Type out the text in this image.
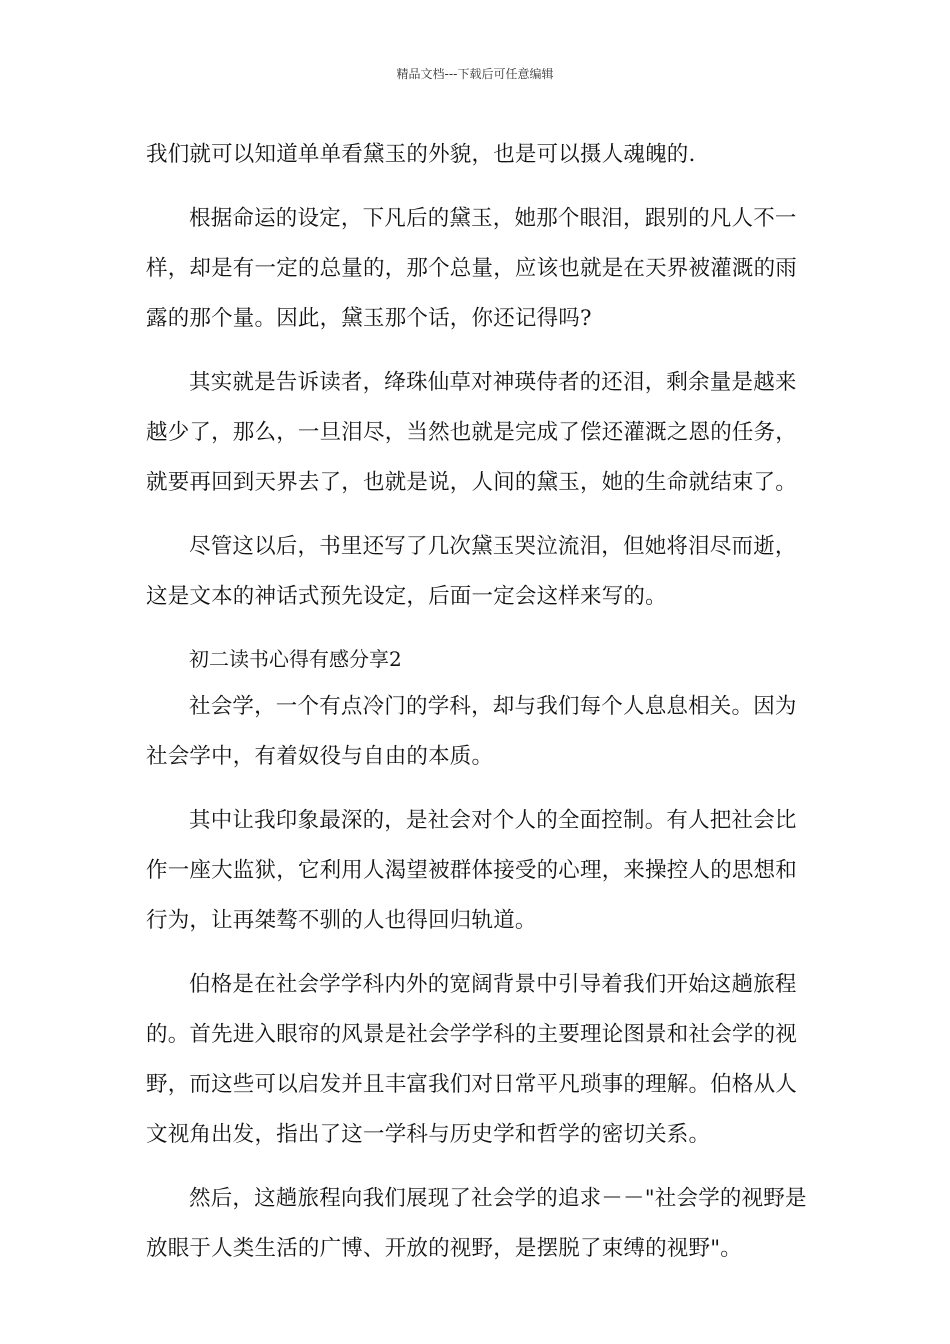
精品文档---下载后可任意编辑

我们就可以知道单单看黛玉的外貌，也是可以摄人魂魄的.

根据命运的设定，下凡后的黛玉，她那个眼泪，跟别的凡人不一样，却是有一定的总量的，那个总量，应该也就是在天界被灌溉的雨露的那个量。因此，黛玉那个话，你还记得吗?

其实就是告诉读者，绛珠仙草对神瑛侍者的还泪，剩余量是越来越少了，那么，一旦泪尽，当然也就是完成了偿还灌溉之恩的任务，就要再回到天界去了，也就是说，人间的黛玉，她的生命就结束了。

尽管这以后，书里还写了几次黛玉哭泣流泪，但她将泪尽而逝，这是文本的神话式预先设定，后面一定会这样来写的。

初二读书心得有感分享2

社会学，一个有点冷门的学科，却与我们每个人息息相关。因为社会学中，有着奴役与自由的本质。

其中让我印象最深的，是社会对个人的全面控制。有人把社会比作一座大监狱，它利用人渴望被群体接受的心理，来操控人的思想和行为，让再桀骜不驯的人也得回归轨道。

伯格是在社会学学科内外的宽阔背景中引导着我们开始这趟旅程的。首先进入眼帘的风景是社会学学科的主要理论图景和社会学的视野，而这些可以启发并且丰富我们对日常平凡琐事的理解。伯格从人文视角出发，指出了这一学科与历史学和哲学的密切关系。

然后，这趟旅程向我们展现了社会学的追求－－"社会学的视野是放眼于人类生活的广博、开放的视野，是摆脱了束缚的视野"。
